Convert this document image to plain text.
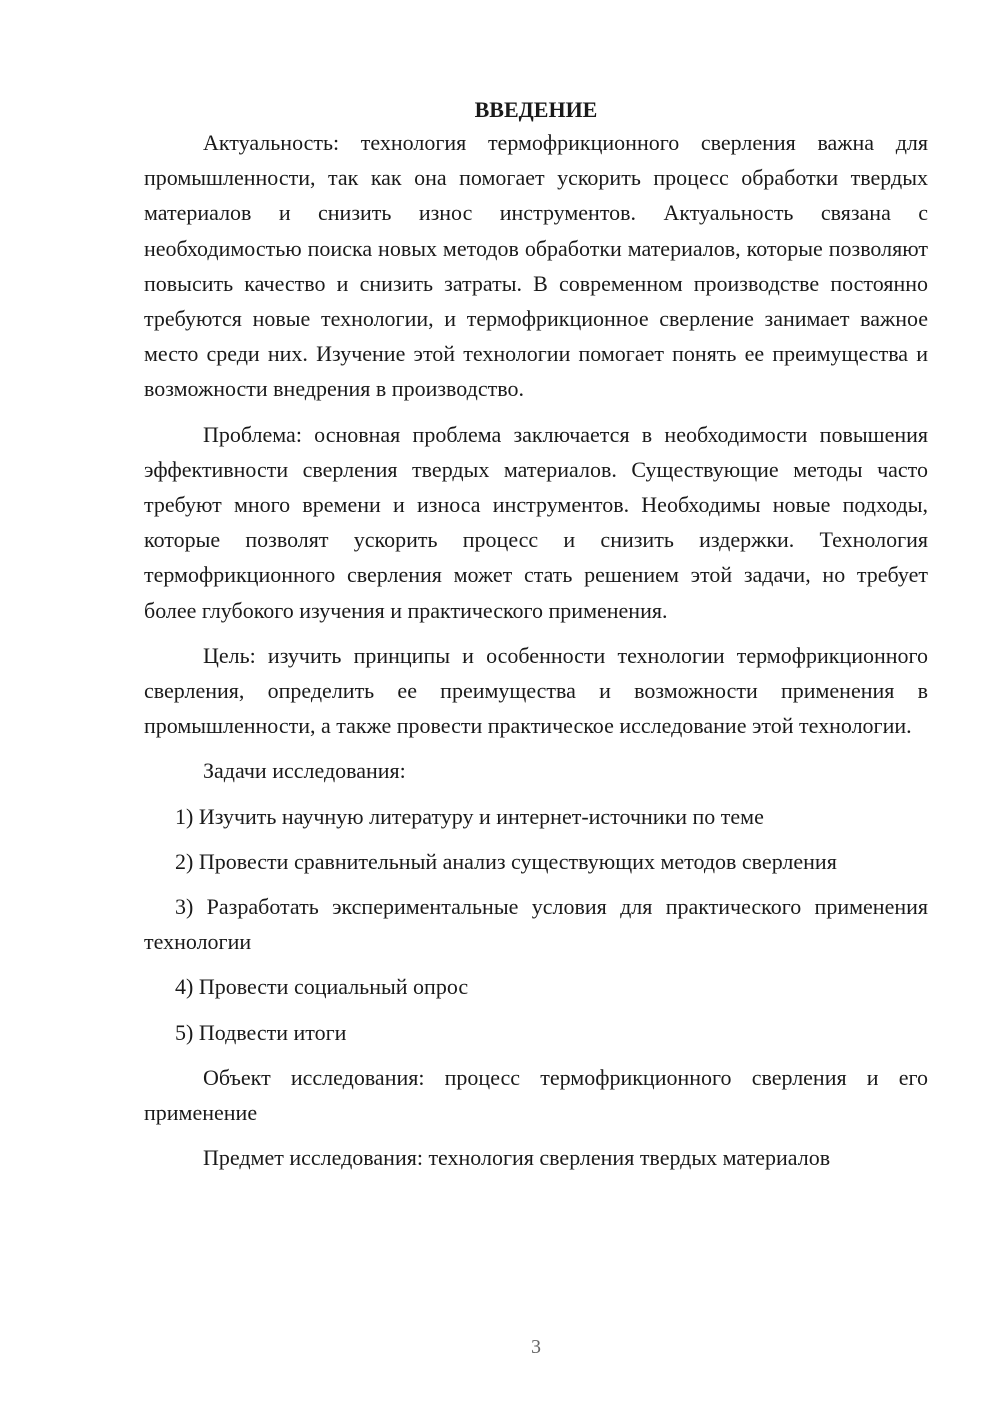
ВВЕДЕНИЕ

Актуальность: технология термофрикционного сверления важна для промышленности, так как она помогает ускорить процесс обработки твердых материалов и снизить износ инструментов. Актуальность связана с необходимостью поиска новых методов обработки материалов, которые позволяют повысить качество и снизить затраты. В современном производстве постоянно требуются новые технологии, и термофрикционное сверление занимает важное место среди них. Изучение этой технологии помогает понять ее преимущества и возможности внедрения в производство.

Проблема: основная проблема заключается в необходимости повышения эффективности сверления твердых материалов. Существующие методы часто требуют много времени и износа инструментов. Необходимы новые подходы, которые позволят ускорить процесс и снизить издержки. Технология термофрикционного сверления может стать решением этой задачи, но требует более глубокого изучения и практического применения.

Цель: изучить принципы и особенности технологии термофрикционного сверления, определить ее преимущества и возможности применения в промышленности, а также провести практическое исследование этой технологии.

Задачи исследования:

1) Изучить научную литературу и интернет-источники по теме

2) Провести сравнительный анализ существующих методов сверления

3) Разработать экспериментальные условия для практического применения технологии

4) Провести социальный опрос

5) Подвести итоги

Объект исследования: процесс термофрикционного сверления и его применение

Предмет исследования: технология сверления твердых материалов

3
